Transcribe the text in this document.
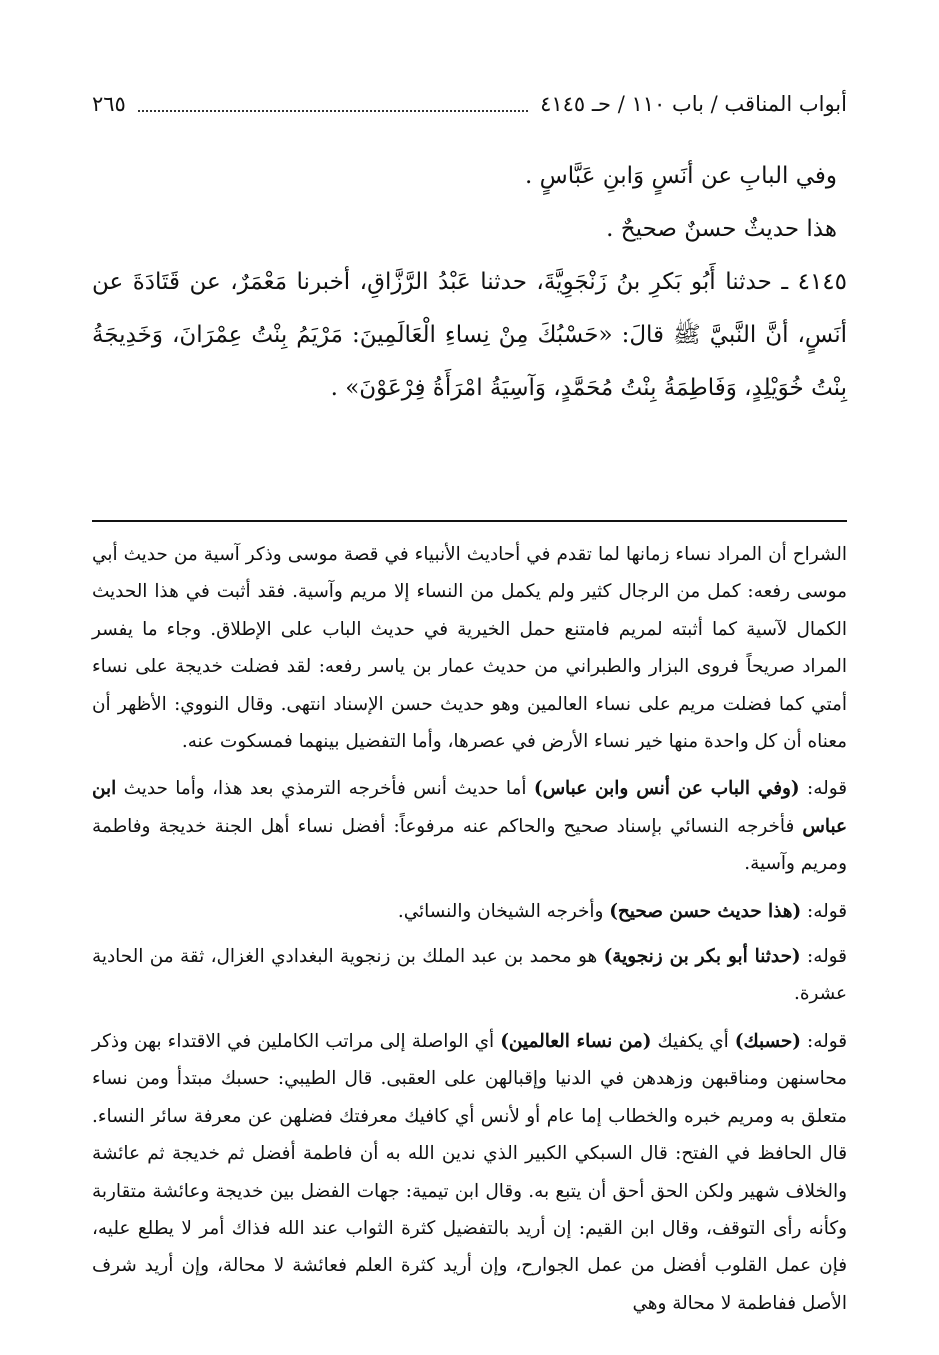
أبواب المناقب / باب ١١٠ / حـ ٤١٤٥
٢٦٥

وفي البابِ عن أنَسٍ وَابنِ عَبَّاسٍ .

هذا حديثٌ حسنٌ صحيحٌ .

٤١٤٥ ـ حدثنا أَبُو بَكرِ بنُ زَنْجَوِيَّةَ، حدثنا عَبْدُ الرَّزَّاقِ، أخبرنا مَعْمَرٌ، عن قَتَادَةَ عن أنَسٍ، أنَّ النَّبيَّ ﷺ قالَ: «حَسْبُكَ مِنْ نِساءِ الْعَالَمِينَ: مَرْيَمُ بِنْتُ عِمْرَانَ، وَخَدِيجَةُ بِنْتُ خُوَيْلِدٍ، وَفَاطِمَةُ بِنْتُ مُحَمَّدٍ، وَآسِيَةُ امْرَأَةُ فِرْعَوْنَ» .

الشراح أن المراد نساء زمانها لما تقدم في أحاديث الأنبياء في قصة موسى وذكر آسية من حديث أبي موسى رفعه: كمل من الرجال كثير ولم يكمل من النساء إلا مريم وآسية. فقد أثبت في هذا الحديث الكمال لآسية كما أثبته لمريم فامتنع حمل الخيرية في حديث الباب على الإطلاق. وجاء ما يفسر المراد صريحاً فروى البزار والطبراني من حديث عمار بن ياسر رفعه: لقد فضلت خديجة على نساء أمتي كما فضلت مريم على نساء العالمين وهو حديث حسن الإسناد انتهى. وقال النووي: الأظهر أن معناه أن كل واحدة منها خير نساء الأرض في عصرها، وأما التفضيل بينهما فمسكوت عنه.

قوله: (وفي الباب عن أنس وابن عباس) أما حديث أنس فأخرجه الترمذي بعد هذا، وأما حديث ابن عباس فأخرجه النسائي بإسناد صحيح والحاكم عنه مرفوعاً: أفضل نساء أهل الجنة خديجة وفاطمة ومريم وآسية.

قوله: (هذا حديث حسن صحيح) وأخرجه الشيخان والنسائي.

قوله: (حدثنا أبو بكر بن زنجوية) هو محمد بن عبد الملك بن زنجوية البغدادي الغزال، ثقة من الحادية عشرة.

قوله: (حسبك) أي يكفيك (من نساء العالمين) أي الواصلة إلى مراتب الكاملين في الاقتداء بهن وذكر محاسنهن ومناقبهن وزهدهن في الدنيا وإقبالهن على العقبى. قال الطيبي: حسبك مبتدأ ومن نساء متعلق به ومريم خبره والخطاب إما عام أو لأنس أي كافيك معرفتك فضلهن عن معرفة سائر النساء. قال الحافظ في الفتح: قال السبكي الكبير الذي ندين الله به أن فاطمة أفضل ثم خديجة ثم عائشة والخلاف شهير ولكن الحق أحق أن يتبع به. وقال ابن تيمية: جهات الفضل بين خديجة وعائشة متقاربة وكأنه رأى التوقف، وقال ابن القيم: إن أريد بالتفضيل كثرة الثواب عند الله فذاك أمر لا يطلع عليه، فإن عمل القلوب أفضل من عمل الجوارح، وإن أريد كثرة العلم فعائشة لا محالة، وإن أريد شرف الأصل ففاطمة لا محالة وهي
